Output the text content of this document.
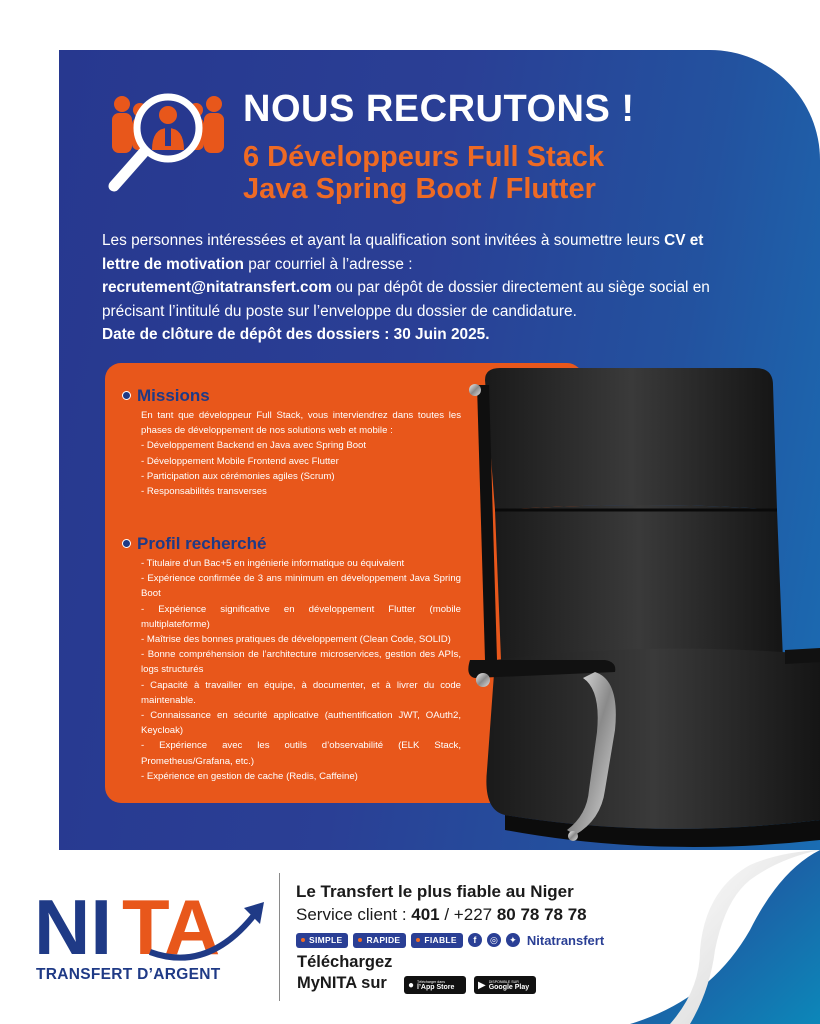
NOUS RECRUTONS !
6 Développeurs Full Stack
Java Spring Boot / Flutter
Les personnes intéressées et ayant la qualification sont invitées à soumettre leurs CV et lettre de motivation par courriel à l’adresse :
recrutement@nitatransfert.com ou par dépôt de dossier directement au siège social en précisant l’intitulé du poste sur l’enveloppe du dossier de candidature.
Date de clôture de dépôt des dossiers : 30 Juin 2025.
Missions
En tant que développeur Full Stack, vous interviendrez dans toutes les phases de développement de nos solutions web et mobile :
- Développement Backend en Java avec Spring Boot
- Développement Mobile Frontend avec Flutter
- Participation aux cérémonies agiles (Scrum)
- Responsabilités transverses
Profil recherché
- Titulaire d’un Bac+5 en ingénierie informatique ou équivalent
- Expérience confirmée de 3 ans minimum en développement Java Spring Boot
- Expérience significative en développement Flutter (mobile multiplateforme)
- Maîtrise des bonnes pratiques de développement (Clean Code, SOLID)
- Bonne compréhension de l’architecture microservices, gestion des APIs, logs structurés
- Capacité à travailler en équipe, à documenter, et à livrer du code maintenable.
- Connaissance en sécurité applicative (authentification JWT, OAuth2, Keycloak)
- Expérience avec les outils d’observabilité (ELK Stack, Prometheus/Grafana, etc.)
- Expérience en gestion de cache (Redis, Caffeine)
NI TA
TRANSFERT D’ARGENT
Le Transfert le plus fiable au Niger
Service client : 401 / +227 80 78 78 78
SIMPLE	RAPIDE	FIABLE	f	◎	✦ Nitatransfert
Téléchargez
MyNITA sur	● Télécharger dans
l’App Store ▶ DISPONIBLE SUR
Google Play
